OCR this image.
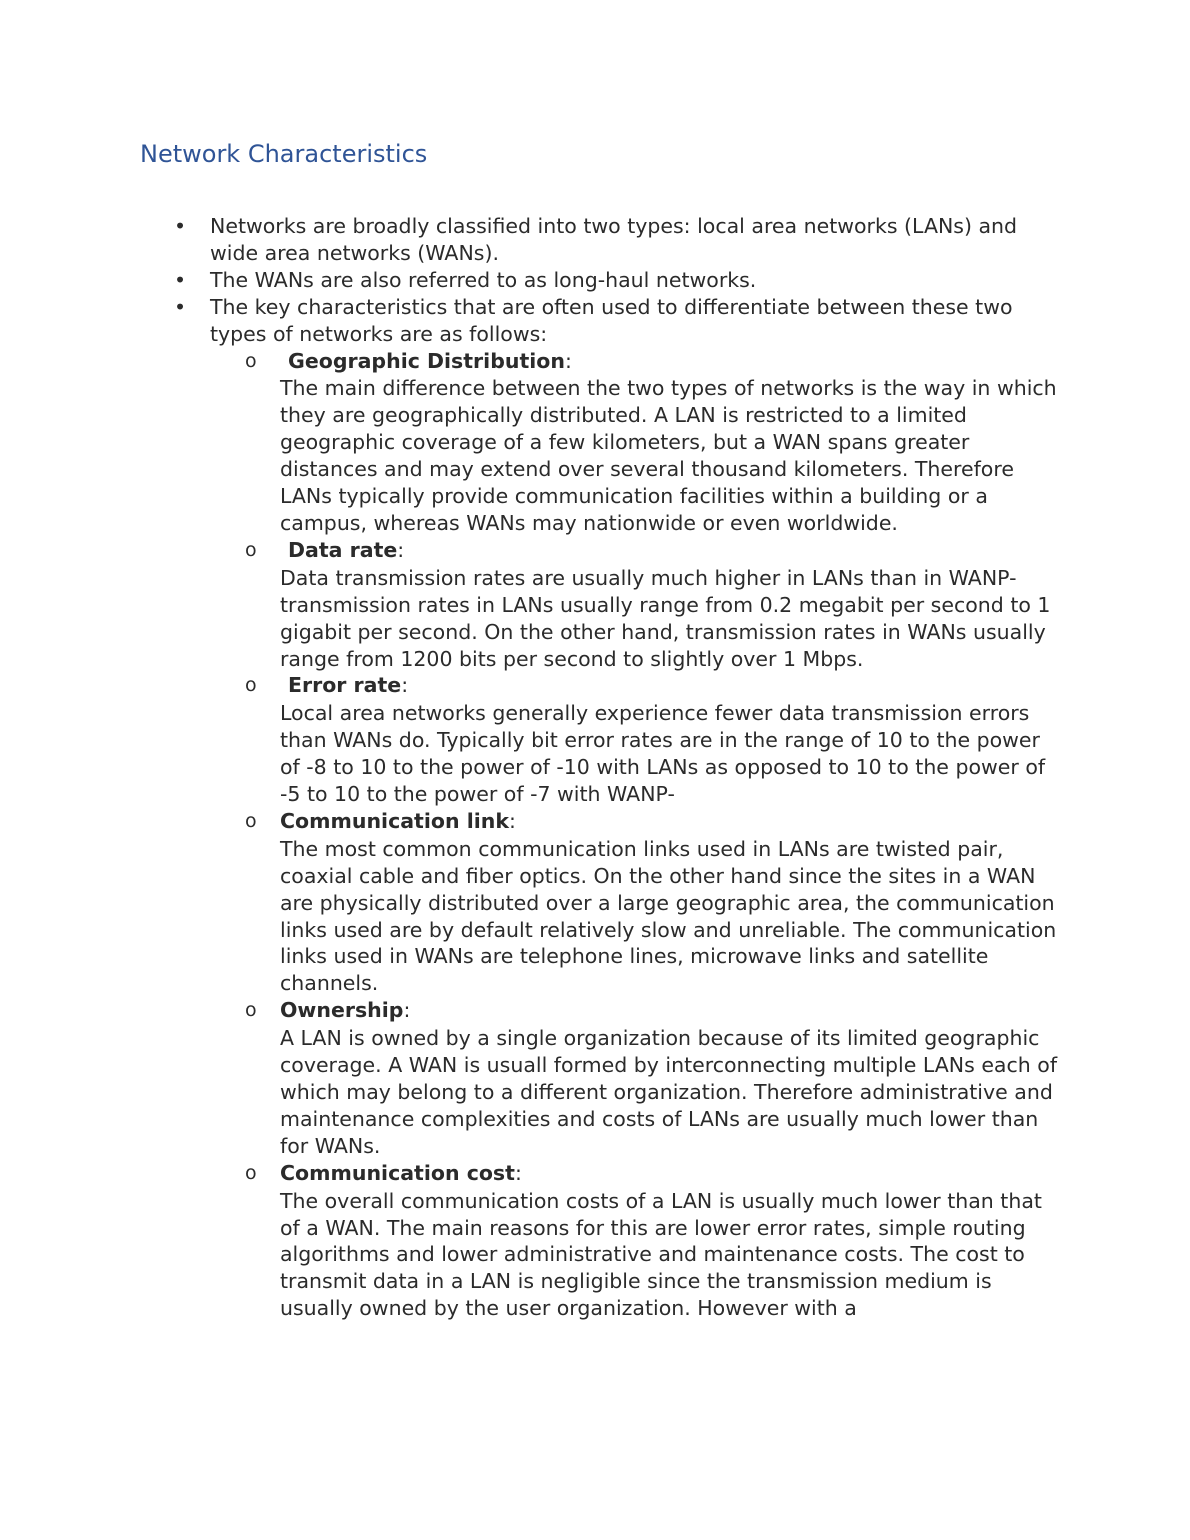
Network Characteristics
• Networks are broadly classified into two types: local area networks (LANs) and wide area networks (WANs).
• The WANs are also referred to as long-haul networks.
• The key characteristics that are often used to differentiate between these two types of networks are as follows:
o	Geographic Distribution:
The main difference between the two types of networks is the way in which they are geographically distributed. A LAN is restricted to a limited geographic coverage of a few kilometers, but a WAN spans greater distances and may extend over several thousand kilometers. Therefore LANs typically provide communication facilities within a building or a campus, whereas WANs may nationwide or even worldwide.
o	Data rate:
Data transmission rates are usually much higher in LANs than in WANP- transmission rates in LANs usually range from 0.2 megabit per second to 1 gigabit per second. On the other hand, transmission rates in WANs usually range from 1200 bits per second to slightly over 1 Mbps.
o	Error rate:
Local area networks generally experience fewer data transmission errors than WANs do. Typically bit error rates are in the range of 10 to the power of -8 to 10 to the power of -10 with LANs as opposed to 10 to the power of -5 to 10 to the power of -7 with WANP-
o Communication link:
The most common communication links used in LANs are twisted pair, coaxial cable and fiber optics. On the other hand since the sites in a WAN are physically distributed over a large geographic area, the communication links used are by default relatively slow and unreliable. The communication links used in WANs are telephone lines, microwave links and satellite channels.
o Ownership:
A LAN is owned by a single organization because of its limited geographic coverage. A WAN is usuall formed by interconnecting multiple LANs each of which may belong to a different organization. Therefore administrative and maintenance complexities and costs of LANs are usually much lower than for WANs.
o Communication cost:
The overall communication costs of a LAN is usually much lower than that of a WAN. The main reasons for this are lower error rates, simple routing algorithms and lower administrative and maintenance costs. The cost to transmit data in a LAN is negligible since the transmission medium is usually owned by the user organization. However with a
